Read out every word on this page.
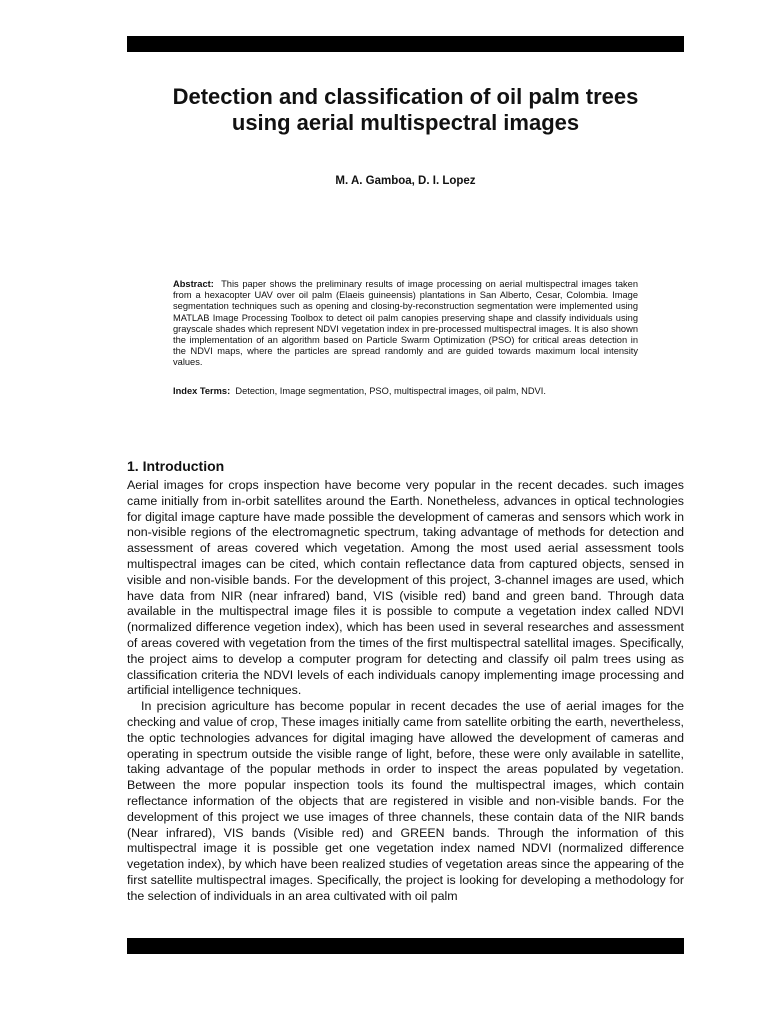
Detection and classification of oil palm trees
using aerial multispectral images

M. A. Gamboa, D. I. Lopez

Abstract: This paper shows the preliminary results of image processing on aerial multispectral images taken from a hexacopter UAV over oil palm (Elaeis guineensis) plantations in San Alberto, Cesar, Colombia. Image segmentation techniques such as opening and closing-by-reconstruction segmentation were implemented using MATLAB Image Processing Toolbox to detect oil palm canopies preserving shape and classify individuals using grayscale shades which represent NDVI vegetation index in pre-processed multispectral images. It is also shown the implementation of an algorithm based on Particle Swarm Optimization (PSO) for critical areas detection in the NDVI maps, where the particles are spread randomly and are guided towards maximum local intensity values.

Index Terms: Detection, Image segmentation, PSO, multispectral images, oil palm, NDVI.

1. Introduction

Aerial images for crops inspection have become very popular in the recent decades. such images came initially from in-orbit satellites around the Earth. Nonetheless, advances in optical technologies for digital image capture have made possible the development of cameras and sensors which work in non-visible regions of the electromagnetic spectrum, taking advantage of methods for detection and assessment of areas covered which vegetation. Among the most used aerial assessment tools multispectral images can be cited, which contain reflectance data from captured objects, sensed in visible and non-visible bands. For the development of this project, 3-channel images are used, which have data from NIR (near infrared) band, VIS (visible red) band and green band. Through data available in the multispectral image files it is possible to compute a vegetation index called NDVI (normalized difference vegetion index), which has been used in several researches and assessment of areas covered with vegetation from the times of the first multispectral satellital images. Specifically, the project aims to develop a computer program for detecting and classify oil palm trees using as classification criteria the NDVI levels of each individuals canopy implementing image processing and artificial intelligence techniques.

In precision agriculture has become popular in recent decades the use of aerial images for the checking and value of crop, These images initially came from satellite orbiting the earth, nevertheless, the optic technologies advances for digital imaging have allowed the development of cameras and operating in spectrum outside the visible range of light, before, these were only available in satellite, taking advantage of the popular methods in order to inspect the areas populated by vegetation. Between the more popular inspection tools its found the multispectral images, which contain reflectance information of the objects that are registered in visible and non-visible bands. For the development of this project we use images of three channels, these contain data of the NIR bands (Near infrared), VIS bands (Visible red) and GREEN bands. Through the information of this multispectral image it is possible get one vegetation index named NDVI (normalized difference vegetation index), by which have been realized studies of vegetation areas since the appearing of the first satellite multispectral images. Specifically, the project is looking for developing a methodology for the selection of individuals in an area cultivated with oil palm
